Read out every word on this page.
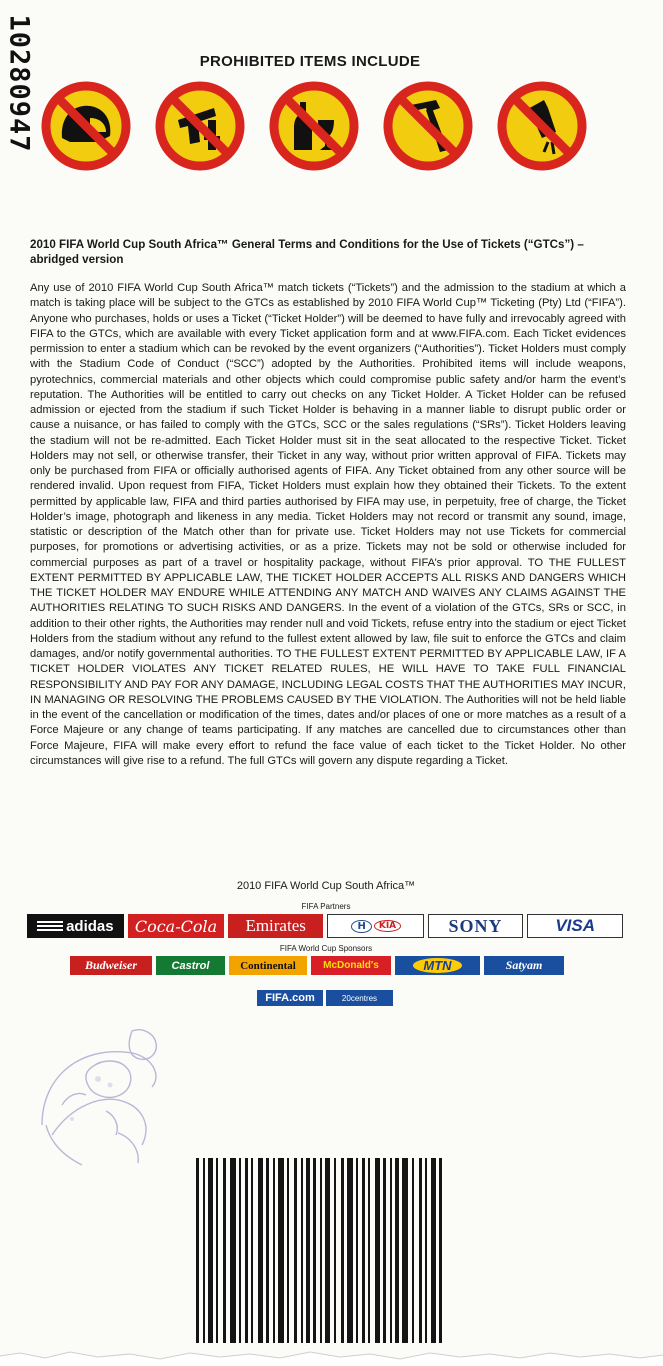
10280947	PROHIBITED ITEMS INCLUDE
2010 FIFA World Cup South Africa™ General Terms and Conditions for the Use of Tickets (“GTCs”) – abridged version
Any use of 2010 FIFA World Cup South Africa™ match tickets (“Tickets”) and the admission to the stadium at which a match is taking place will be subject to the GTCs as established by 2010 FIFA World Cup™ Ticketing (Pty) Ltd (“FIFA”). Anyone who purchases, holds or uses a Ticket (“Ticket Holder”) will be deemed to have fully and irrevocably agreed with FIFA to the GTCs, which are available with every Ticket application form and at www.FIFA.com. Each Ticket evidences permission to enter a stadium which can be revoked by the event organizers (“Authorities”). Ticket Holders must comply with the Stadium Code of Conduct (“SCC”) adopted by the Authorities. Prohibited items will include weapons, pyrotechnics, commercial materials and other objects which could compromise public safety and/or harm the event’s reputation. The Authorities will be entitled to carry out checks on any Ticket Holder. A Ticket Holder can be refused admission or ejected from the stadium if such Ticket Holder is behaving in a manner liable to disrupt public order or cause a nuisance, or has failed to comply with the GTCs, SCC or the sales regulations (“SRs”). Ticket Holders leaving the stadium will not be re-admitted. Each Ticket Holder must sit in the seat allocated to the respective Ticket. Ticket Holders may not sell, or otherwise transfer, their Ticket in any way, without prior written approval of FIFA. Tickets may only be purchased from FIFA or officially authorised agents of FIFA. Any Ticket obtained from any other source will be rendered invalid. Upon request from FIFA, Ticket Holders must explain how they obtained their Tickets. To the extent permitted by applicable law, FIFA and third parties authorised by FIFA may use, in perpetuity, free of charge, the Ticket Holder’s image, photograph and likeness in any media. Ticket Holders may not record or transmit any sound, image, statistic or description of the Match other than for private use. Ticket Holders may not use Tickets for commercial purposes, for promotions or advertising activities, or as a prize. Tickets may not be sold or otherwise included for commercial purposes as part of a travel or hospitality package, without FIFA’s prior approval. TO THE FULLEST EXTENT PERMITTED BY APPLICABLE LAW, THE TICKET HOLDER ACCEPTS ALL RISKS AND DANGERS WHICH THE TICKET HOLDER MAY ENDURE WHILE ATTENDING ANY MATCH AND WAIVES ANY CLAIMS AGAINST THE AUTHORITIES RELATING TO SUCH RISKS AND DANGERS. In the event of a violation of the GTCs, SRs or SCC, in addition to their other rights, the Authorities may render null and void Tickets, refuse entry into the stadium or eject Ticket Holders from the stadium without any refund to the fullest extent allowed by law, file suit to enforce the GTCs and claim damages, and/or notify governmental authorities. TO THE FULLEST EXTENT PERMITTED BY APPLICABLE LAW, IF A TICKET HOLDER VIOLATES ANY TICKET RELATED RULES, HE WILL HAVE TO TAKE FULL FINANCIAL RESPONSIBILITY AND PAY FOR ANY DAMAGE, INCLUDING LEGAL COSTS THAT THE AUTHORITIES MAY INCUR, IN MANAGING OR RESOLVING THE PROBLEMS CAUSED BY THE VIOLATION. The Authorities will not be held liable in the event of the cancellation or modification of the times, dates and/or places of one or more matches as a result of a Force Majeure or any change of teams participating. If any matches are cancelled due to circumstances other than Force Majeure, FIFA will make every effort to refund the face value of each ticket to the Ticket Holder. No other circumstances will give rise to a refund. The full GTCs will govern any dispute regarding a Ticket.
2010 FIFA World Cup South Africa™
FIFA Partners
adidas Coca-Cola Emirates	H	KIA	SONY	VISA
FIFA World Cup Sponsors
Budweiser	Castrol	Continental	McDonald's	MTN	Satyam
FIFA.com	20centres
